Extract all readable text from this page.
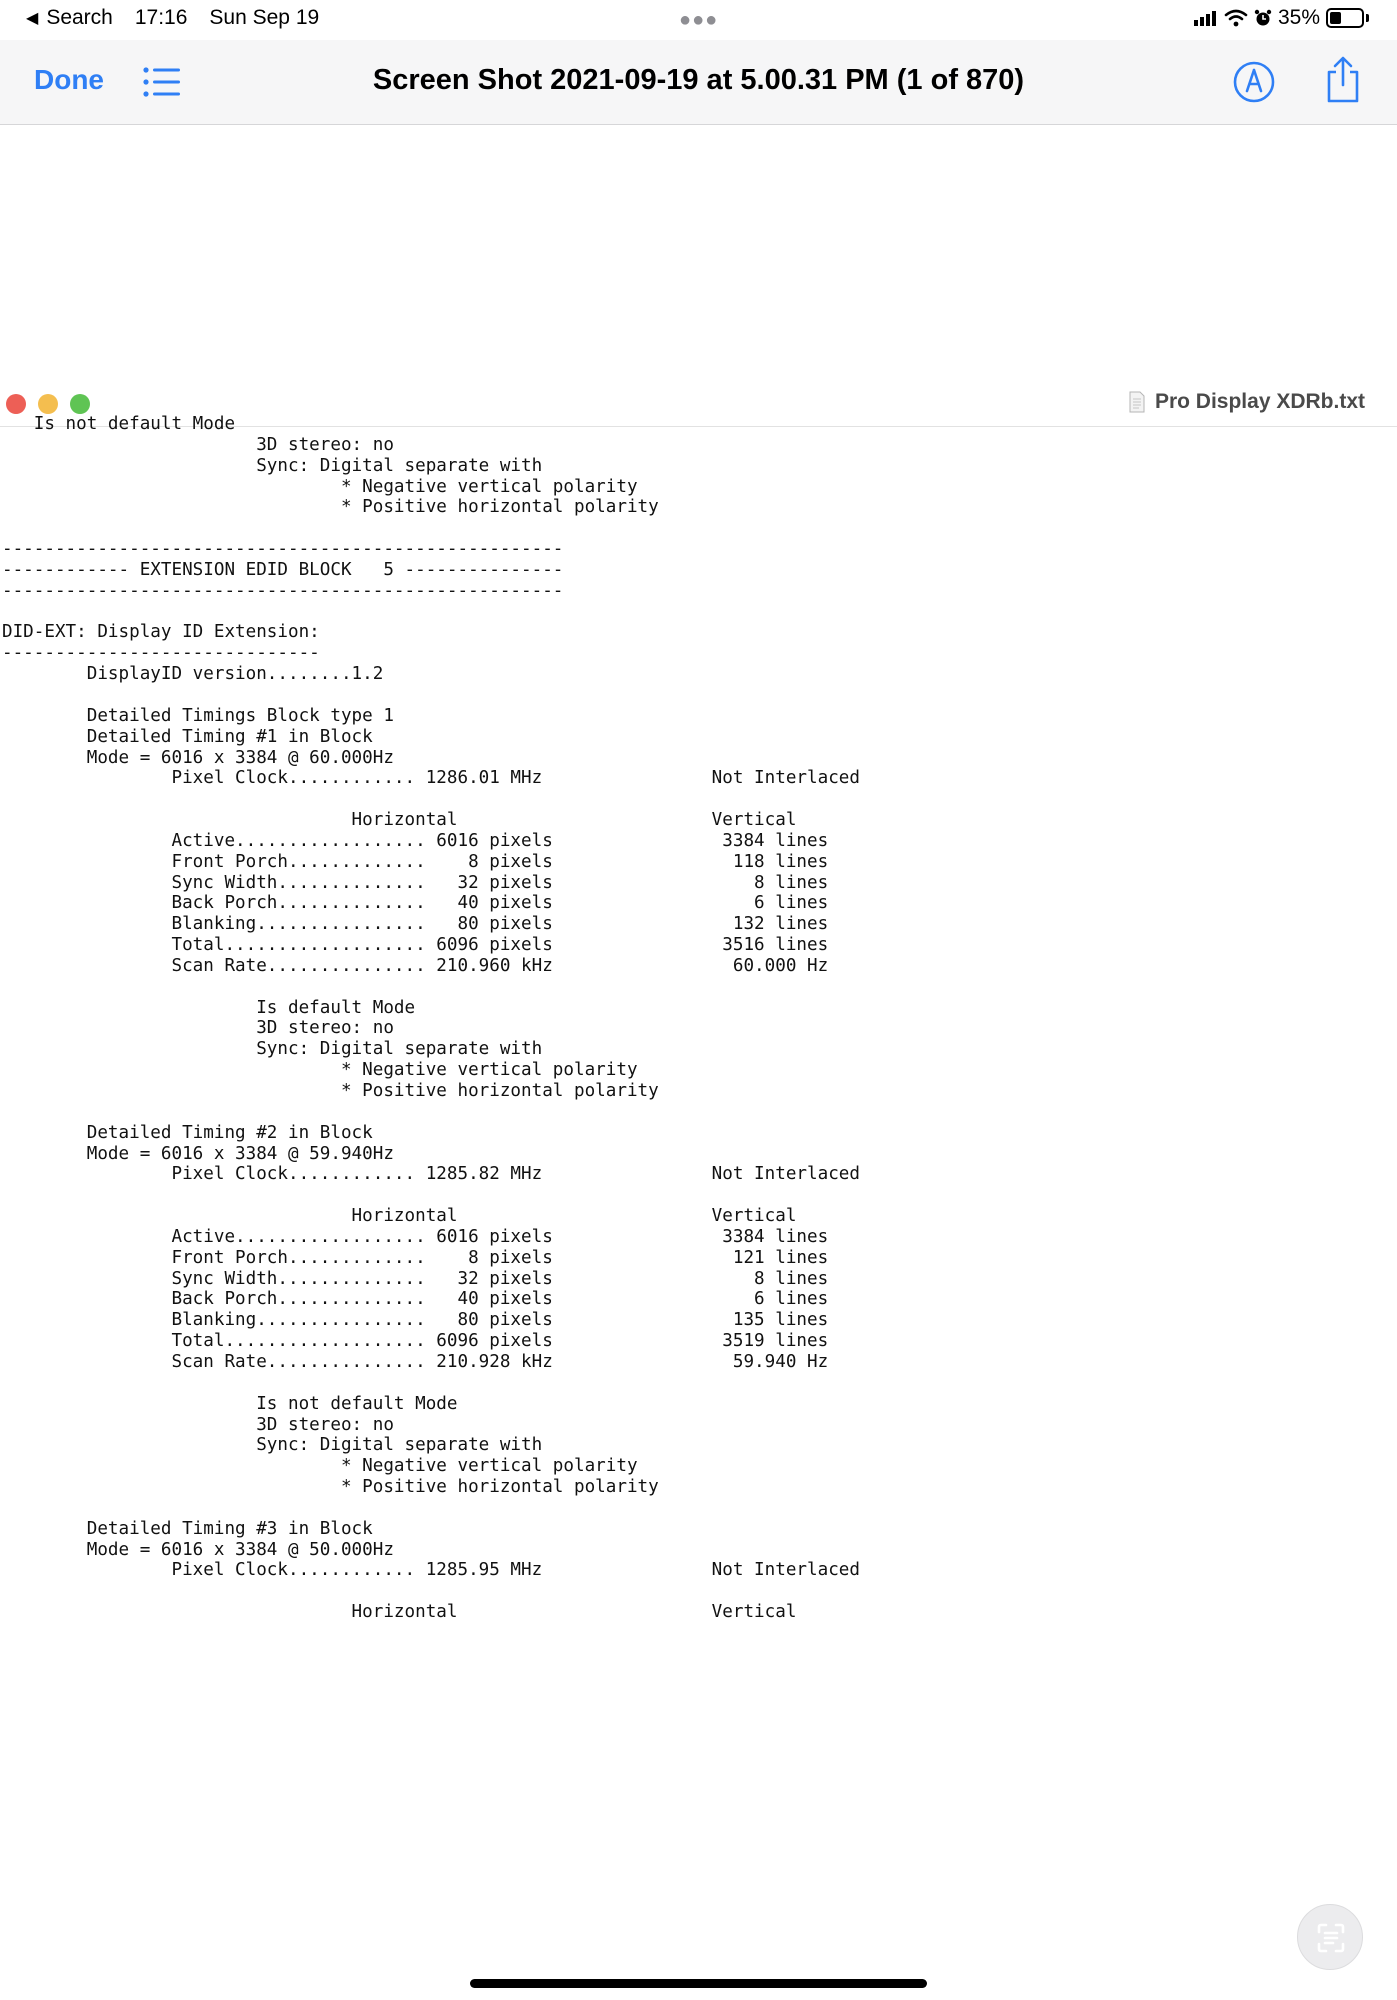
◀ Search 17:16 Sun Sep 19	●●●	35%
Done	Screen Shot 2021-09-19 at 5.00.31 PM (1 of 870)
Pro Display XDRb.txt
Is not default Mode
3D stereo: no
Sync: Digital separate with
* Negative vertical polarity
* Positive horizontal polarity

-----------------------------------------------------
------------ EXTENSION EDID BLOCK   5 ---------------
-----------------------------------------------------

DID-EXT: Display ID Extension:
------------------------------
DisplayID version........1.2

Detailed Timings Block type 1
Detailed Timing #1 in Block
Mode = 6016 x 3384 @ 60.000Hz
Pixel Clock............ 1286.01 MHz                Not Interlaced

Horizontal                        Vertical
Active.................. 6016 pixels                3384 lines
Front Porch.............    8 pixels                 118 lines
Sync Width..............   32 pixels                   8 lines
Back Porch..............   40 pixels                   6 lines
Blanking................   80 pixels                 132 lines
Total................... 6096 pixels                3516 lines
Scan Rate............... 210.960 kHz                 60.000 Hz

Is default Mode
3D stereo: no
Sync: Digital separate with
* Negative vertical polarity
* Positive horizontal polarity

Detailed Timing #2 in Block
Mode = 6016 x 3384 @ 59.940Hz
Pixel Clock............ 1285.82 MHz                Not Interlaced

Horizontal                        Vertical
Active.................. 6016 pixels                3384 lines
Front Porch.............    8 pixels                 121 lines
Sync Width..............   32 pixels                   8 lines
Back Porch..............   40 pixels                   6 lines
Blanking................   80 pixels                 135 lines
Total................... 6096 pixels                3519 lines
Scan Rate............... 210.928 kHz                 59.940 Hz

Is not default Mode
3D stereo: no
Sync: Digital separate with
* Negative vertical polarity
* Positive horizontal polarity

Detailed Timing #3 in Block
Mode = 6016 x 3384 @ 50.000Hz
Pixel Clock............ 1285.95 MHz                Not Interlaced

Horizontal                        Vertical
